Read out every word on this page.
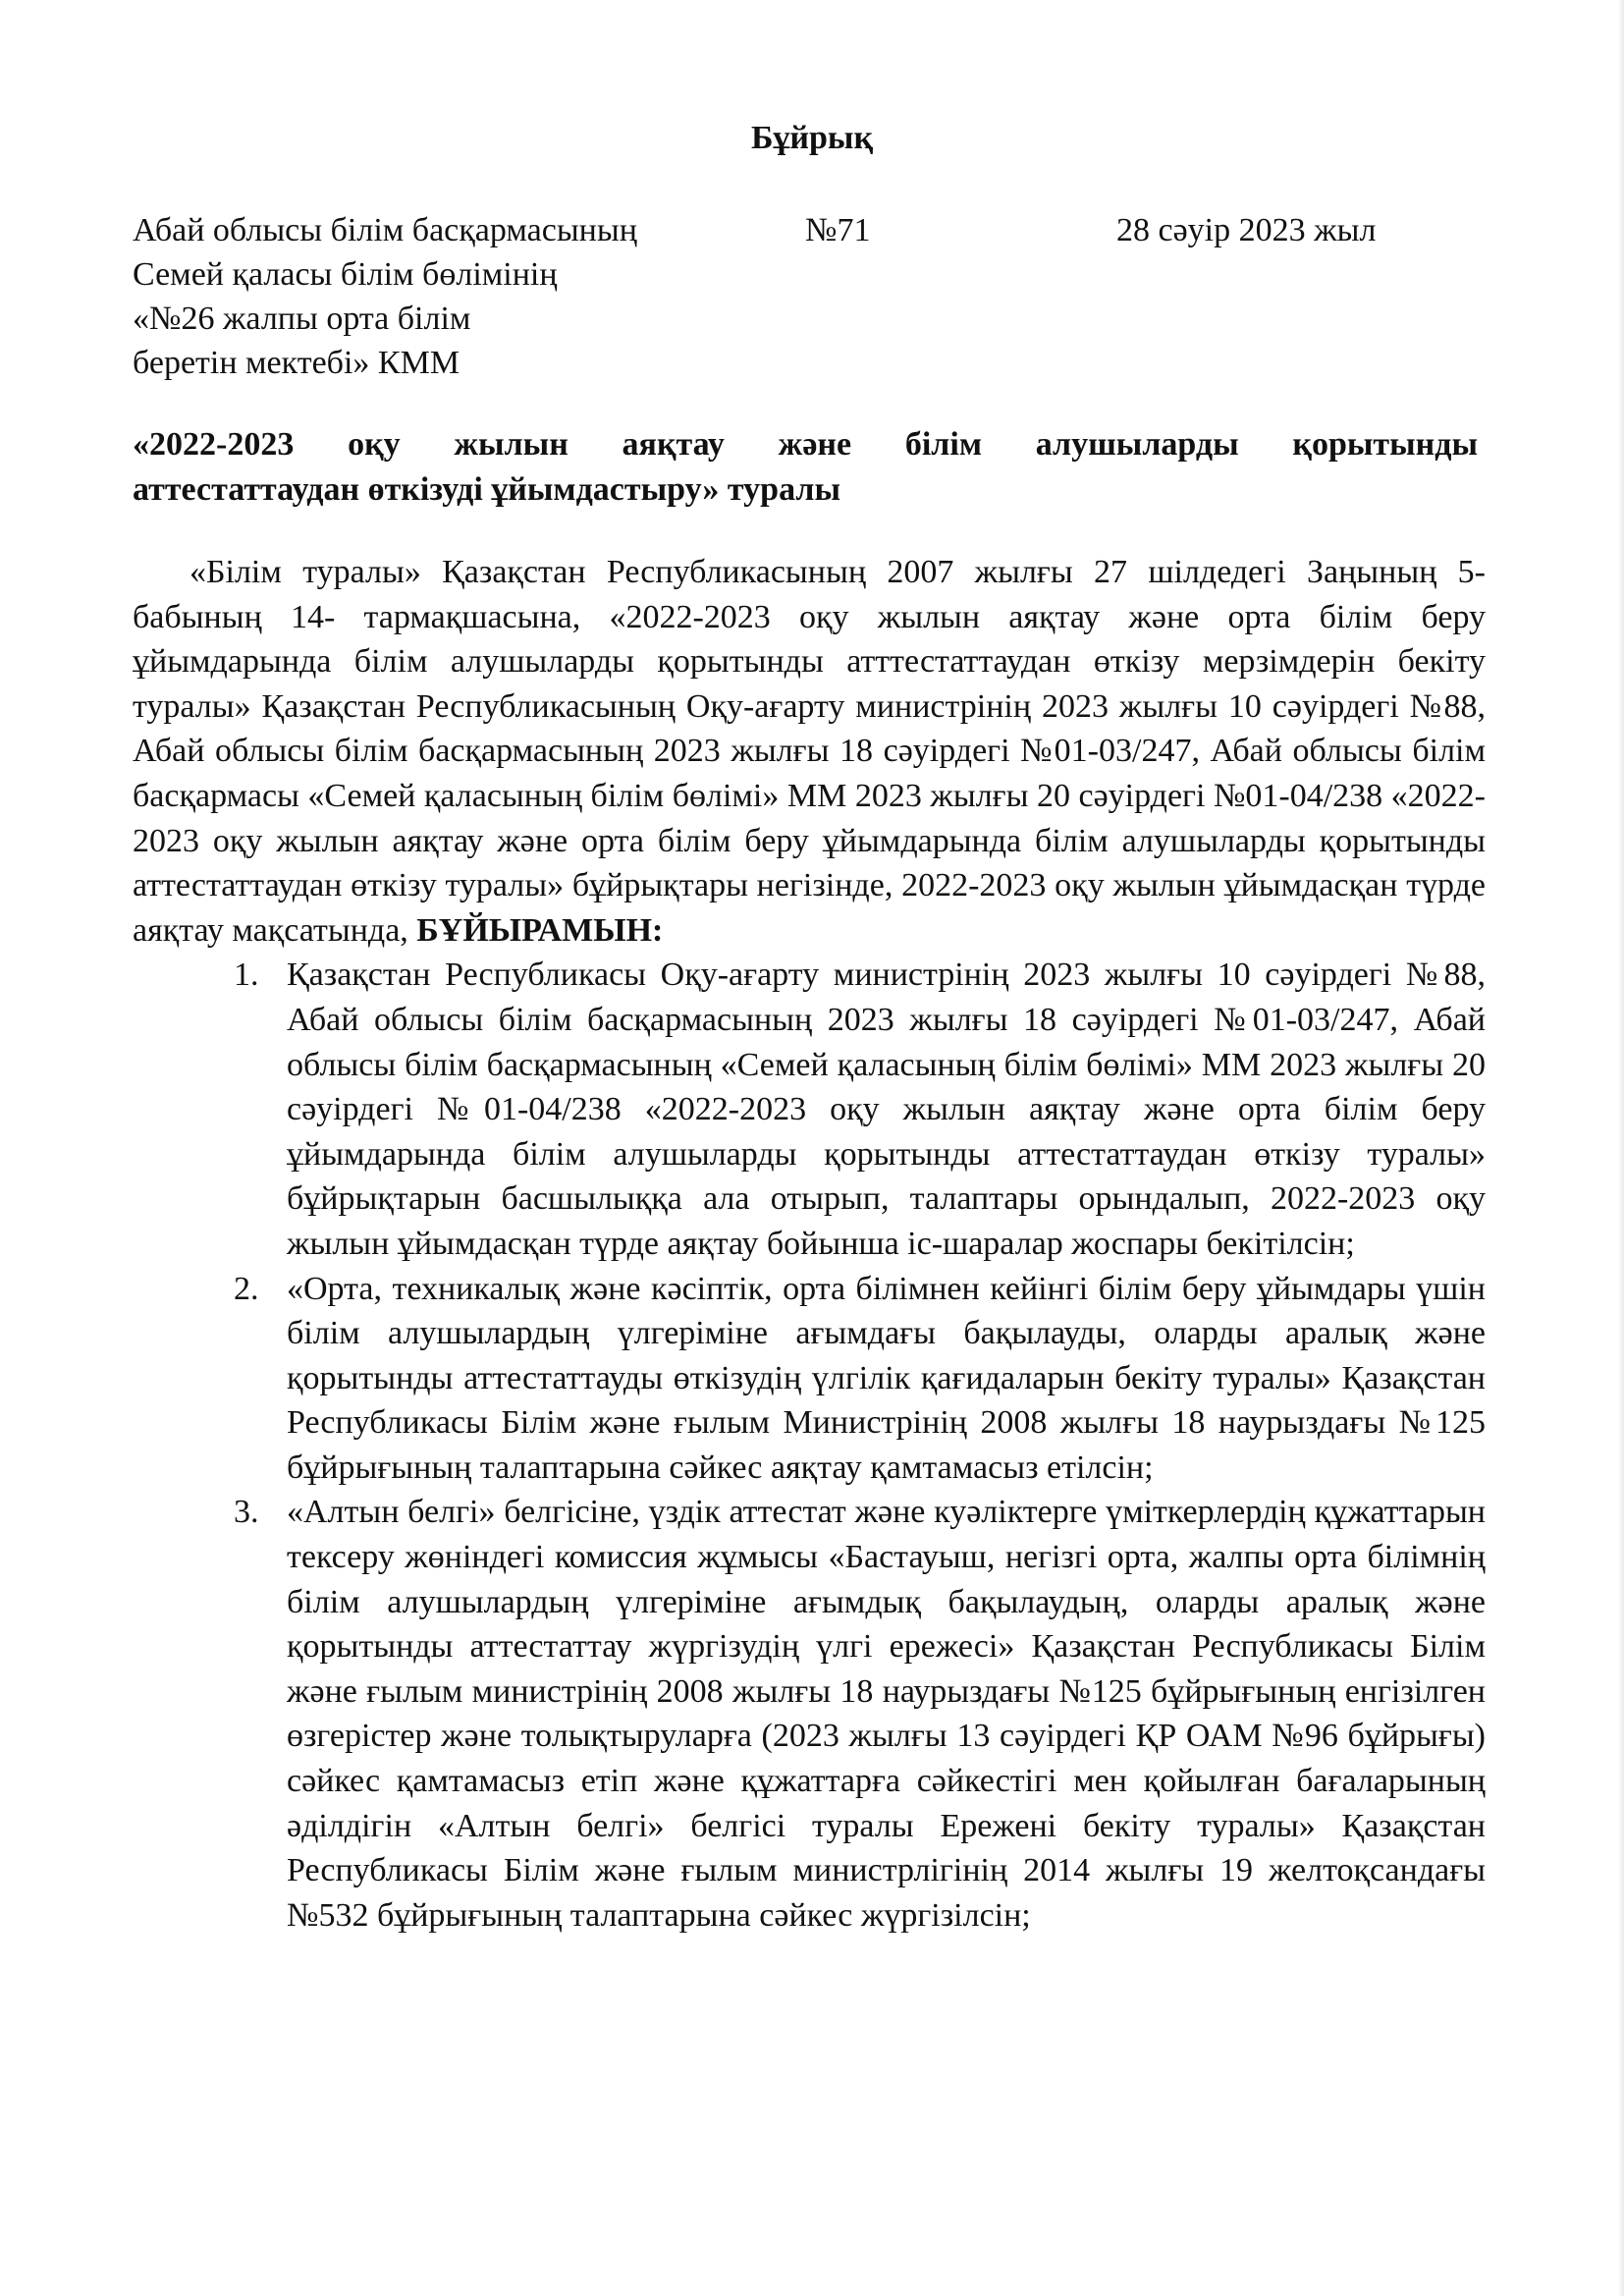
Бұйрық
Абай облысы білім басқармасының
Семей қаласы білім бөлімінің
«№26 жалпы орта білім
беретін мектебі» КММ
№71	28 сәуір 2023 жыл
«2022-2023 оқу жылын аяқтау және білім алушыларды қорытынды
аттестаттаудан өткізуді ұйымдастыру» туралы

«Білім туралы» Қазақстан Республикасының 2007 жылғы 27 шілдедегі Заңының 5-бабының 14- тармақшасына, «2022-2023 оқу жылын аяқтау және орта білім беру ұйымдарында білім алушыларды қорытынды атттестаттаудан өткізу мерзімдерін бекіту туралы» Қазақстан Республикасының Оқу-ағарту министрінің 2023 жылғы 10 сәуірдегі №88, Абай облысы білім басқармасының 2023 жылғы 18 сәуірдегі №01-03/247, Абай облысы білім басқармасы «Семей қаласының білім бөлімі» ММ 2023 жылғы 20 сәуірдегі №01-04/238 «2022-2023 оқу жылын аяқтау және орта білім беру ұйымдарында білім алушыларды қорытынды аттестаттаудан өткізу туралы» бұйрықтары негізінде, 2022-2023 оқу жылын ұйымдасқан түрде аяқтау мақсатында, БҰЙЫРАМЫН:

1. Қазақстан Республикасы Оқу-ағарту министрінің 2023 жылғы 10 сәуірдегі №88, Абай облысы білім басқармасының 2023 жылғы 18 сәуірдегі №01-03/247, Абай облысы білім басқармасының «Семей қаласының білім бөлімі» ММ 2023 жылғы 20 сәуірдегі №01-04/238 «2022-2023 оқу жылын аяқтау және орта білім беру ұйымдарында білім алушыларды қорытынды аттестаттаудан өткізу туралы» бұйрықтарын басшылыққа ала отырып, талаптары орындалып, 2022-2023 оқу жылын ұйымдасқан түрде аяқтау бойынша іс-шаралар жоспары бекітілсін;
2. «Орта, техникалық және кәсіптік, орта білімнен кейінгі білім беру ұйымдары үшін білім алушылардың үлгеріміне ағымдағы бақылауды, оларды аралық және қорытынды аттестаттауды өткізудің үлгілік қағидаларын бекіту туралы» Қазақстан Республикасы Білім және ғылым Министрінің 2008 жылғы 18 наурыздағы №125 бұйрығының талаптарына сәйкес аяқтау қамтамасыз етілсін;
3. «Алтын белгі» белгісіне, үздік аттестат және куәліктерге үміткерлердің құжаттарын тексеру жөніндегі комиссия жұмысы «Бастауыш, негізгі орта, жалпы орта білімнің білім алушылардың үлгеріміне ағымдық бақылаудың, оларды аралық және қорытынды аттестаттау жүргізудің үлгі ережесі» Қазақстан Республикасы Білім және ғылым министрінің 2008 жылғы 18 наурыздағы №125 бұйрығының енгізілген өзгерістер және толықтыруларға (2023 жылғы 13 сәуірдегі ҚР ОАМ №96 бұйрығы) сәйкес қамтамасыз етіп және құжаттарға сәйкестігі мен қойылған бағаларының әділдігін «Алтын белгі» белгісі туралы Ережені бекіту туралы» Қазақстан Республикасы Білім және ғылым министрлігінің 2014 жылғы 19 желтоқсандағы №532 бұйрығының талаптарына сәйкес жүргізілсін;
